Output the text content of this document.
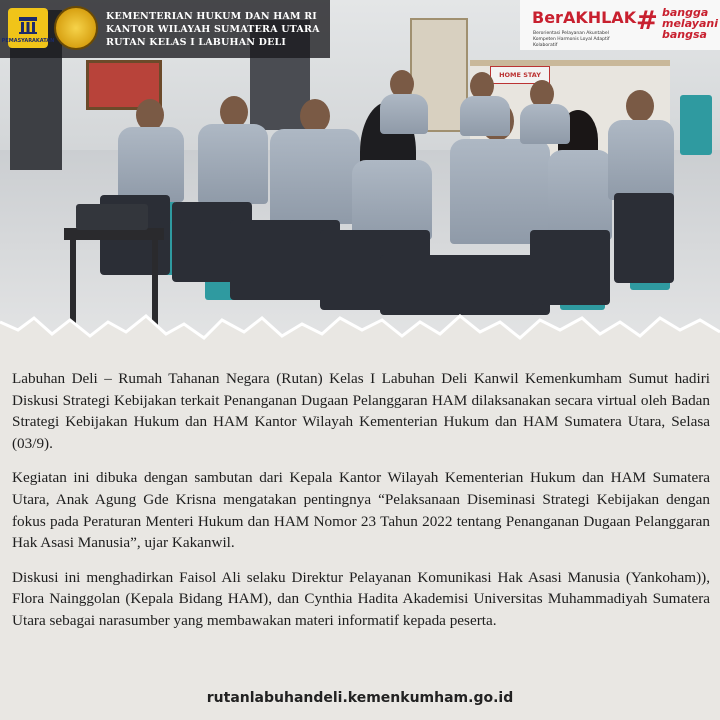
HOME STAY
PEMASYARAKATAN
KEMENTERIAN HUKUM DAN HAM RI
KANTOR WILAYAH SUMATERA UTARA
RUTAN KELAS I LABUHAN DELI
BerAKHLAK
Berorientasi Pelayanan Akuntabel Kompeten Harmonis Loyal Adaptif Kolaboratif
bangga
melayani
bangsa
#

Labuhan Deli – Rumah Tahanan Negara (Rutan) Kelas I Labuhan Deli Kanwil Kemenkumham Sumut hadiri Diskusi Strategi Kebijakan terkait Penanganan Dugaan Pelanggaran HAM dilaksanakan secara virtual oleh Badan Strategi Kebijakan Hukum dan HAM Kantor Wilayah Kementerian Hukum dan HAM Sumatera Utara, Selasa (03/9).

Kegiatan ini dibuka dengan sambutan dari Kepala Kantor Wilayah Kementerian Hukum dan HAM Sumatera Utara, Anak Agung Gde Krisna mengatakan pentingnya “Pelaksanaan Diseminasi Strategi Kebijakan dengan fokus pada Peraturan Menteri Hukum dan HAM Nomor 23 Tahun 2022 tentang Penanganan Dugaan Pelanggaran Hak Asasi Manusia”, ujar Kakanwil.

Diskusi ini menghadirkan Faisol Ali selaku Direktur Pelayanan Komunikasi Hak Asasi Manusia (Yankoham)), Flora Nainggolan (Kepala Bidang HAM), dan Cynthia Hadita Akademisi Universitas Muhammadiyah Sumatera Utara sebagai narasumber yang membawakan materi informatif kepada peserta.

rutanlabuhandeli.kemenkumham.go.id
